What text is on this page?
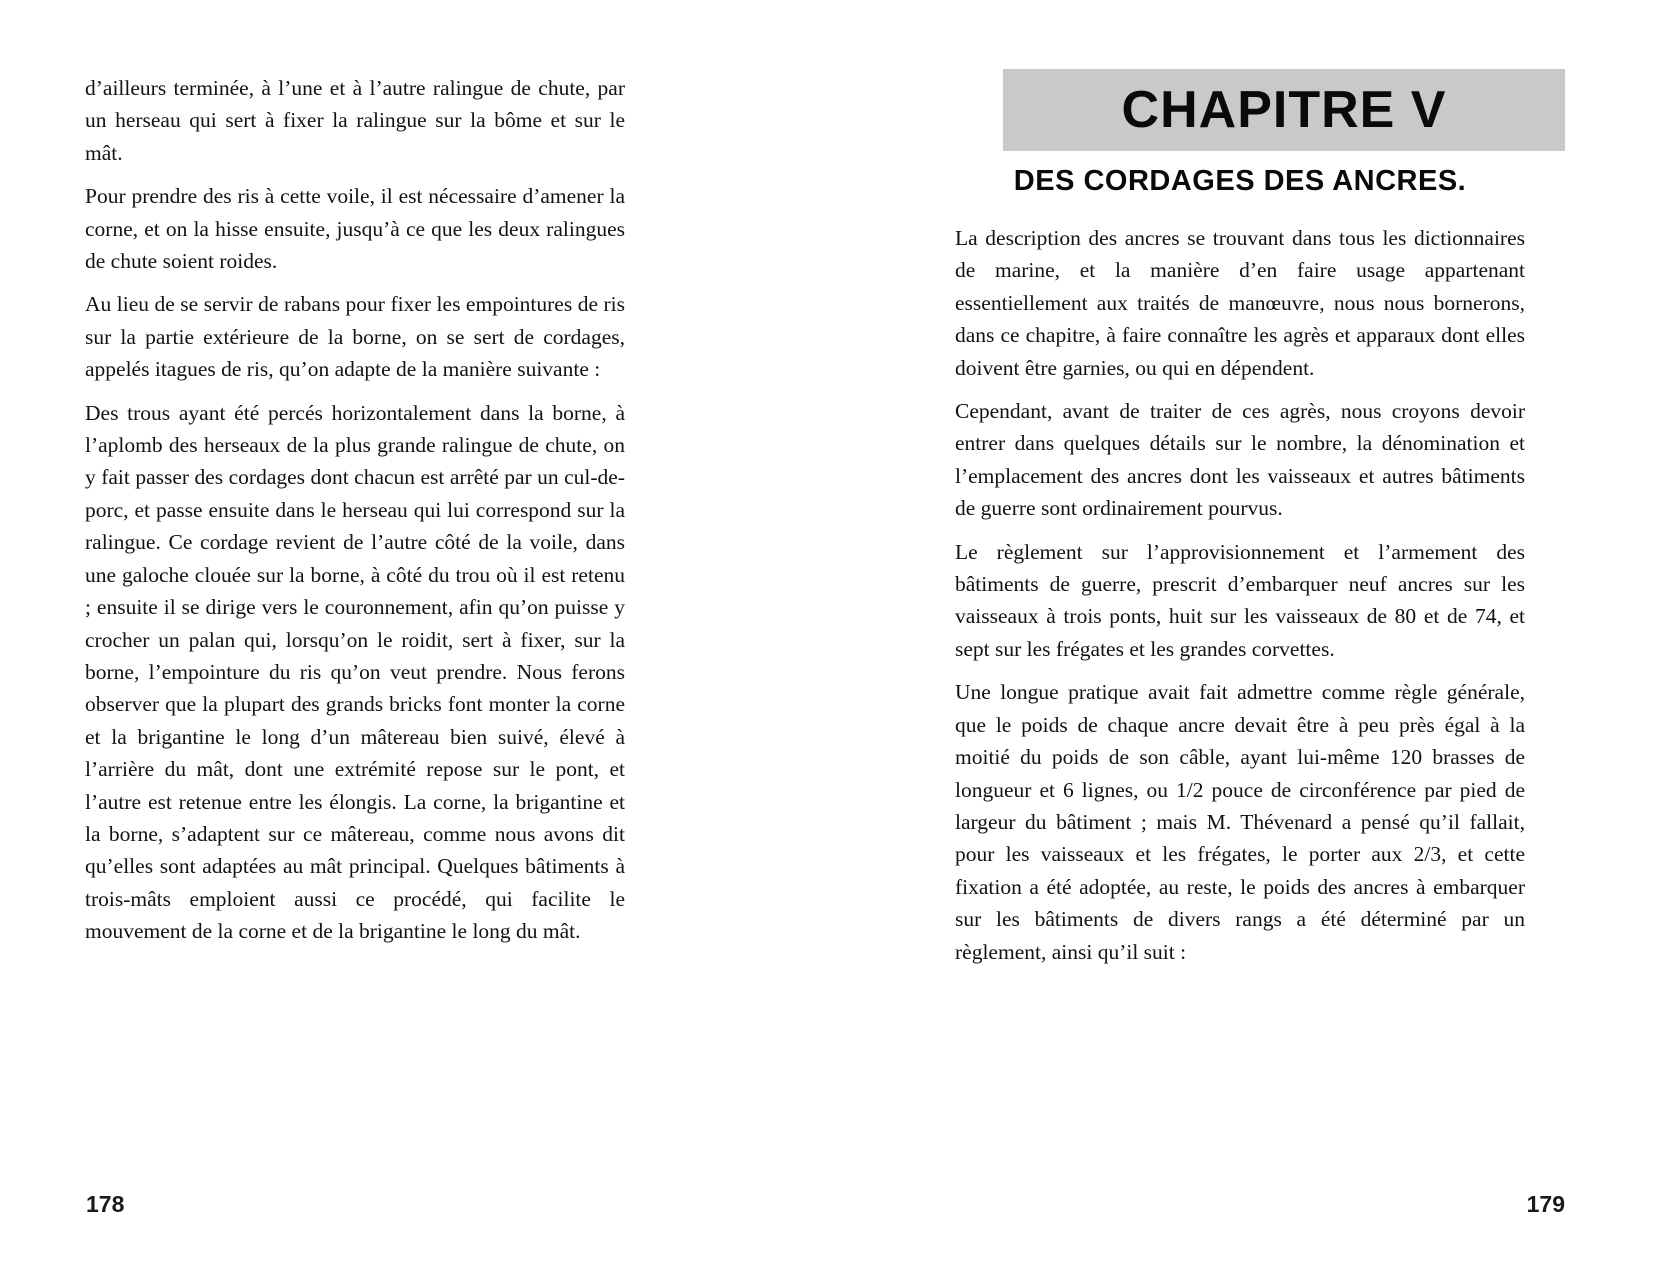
d’ailleurs terminée, à l’une et à l’autre ralingue de chute, par un herseau qui sert à fixer la ralingue sur la bôme et sur le mât.

Pour prendre des ris à cette voile, il est nécessaire d’amener la corne, et on la hisse ensuite, jusqu’à ce que les deux ralingues de chute soient roides.

Au lieu de se servir de rabans pour fixer les empointures de ris sur la partie extérieure de la borne, on se sert de cordages, appelés itagues de ris, qu’on adapte de la manière suivante :

Des trous ayant été percés horizontalement dans la borne, à l’aplomb des herseaux de la plus grande ralingue de chute, on y fait passer des cordages dont chacun est arrêté par un cul-de-porc, et passe ensuite dans le herseau qui lui correspond sur la ralingue. Ce cordage revient de l’autre côté de la voile, dans une galoche clouée sur la borne, à côté du trou où il est retenu ; ensuite il se dirige vers le couronnement, afin qu’on puisse y crocher un palan qui, lorsqu’on le roidit, sert à fixer, sur la borne, l’empointure du ris qu’on veut prendre. Nous ferons observer que la plupart des grands bricks font monter la corne et la brigantine le long d’un mâtereau bien suivé, élevé à l’arrière du mât, dont une extrémité repose sur le pont, et l’autre est retenue entre les élongis. La corne, la brigantine et la borne, s’adaptent sur ce mâtereau, comme nous avons dit qu’elles sont adaptées au mât principal. Quelques bâtiments à trois-mâts emploient aussi ce procédé, qui facilite le mouvement de la corne et de la brigantine le long du mât.

178
CHAPITRE V
DES CORDAGES DES ANCRES.

La description des ancres se trouvant dans tous les dictionnaires de marine, et la manière d’en faire usage appartenant essentiellement aux traités de manœuvre, nous nous bornerons, dans ce chapitre, à faire connaître les agrès et apparaux dont elles doivent être garnies, ou qui en dépendent.

Cependant, avant de traiter de ces agrès, nous croyons devoir entrer dans quelques détails sur le nombre, la dénomination et l’emplacement des ancres dont les vaisseaux et autres bâtiments de guerre sont ordinairement pourvus.

Le règlement sur l’approvisionnement et l’armement des bâtiments de guerre, prescrit d’embarquer neuf ancres sur les vaisseaux à trois ponts, huit sur les vaisseaux de 80 et de 74, et sept sur les frégates et les grandes corvettes.

Une longue pratique avait fait admettre comme règle générale, que le poids de chaque ancre devait être à peu près égal à la moitié du poids de son câble, ayant lui-même 120 brasses de longueur et 6 lignes, ou 1/2 pouce de circonférence par pied de largeur du bâtiment ; mais M. Thévenard a pensé qu’il fallait, pour les vaisseaux et les frégates, le porter aux 2/3, et cette fixation a été adoptée, au reste, le poids des ancres à embarquer sur les bâtiments de divers rangs a été déterminé par un règlement, ainsi qu’il suit :

179
